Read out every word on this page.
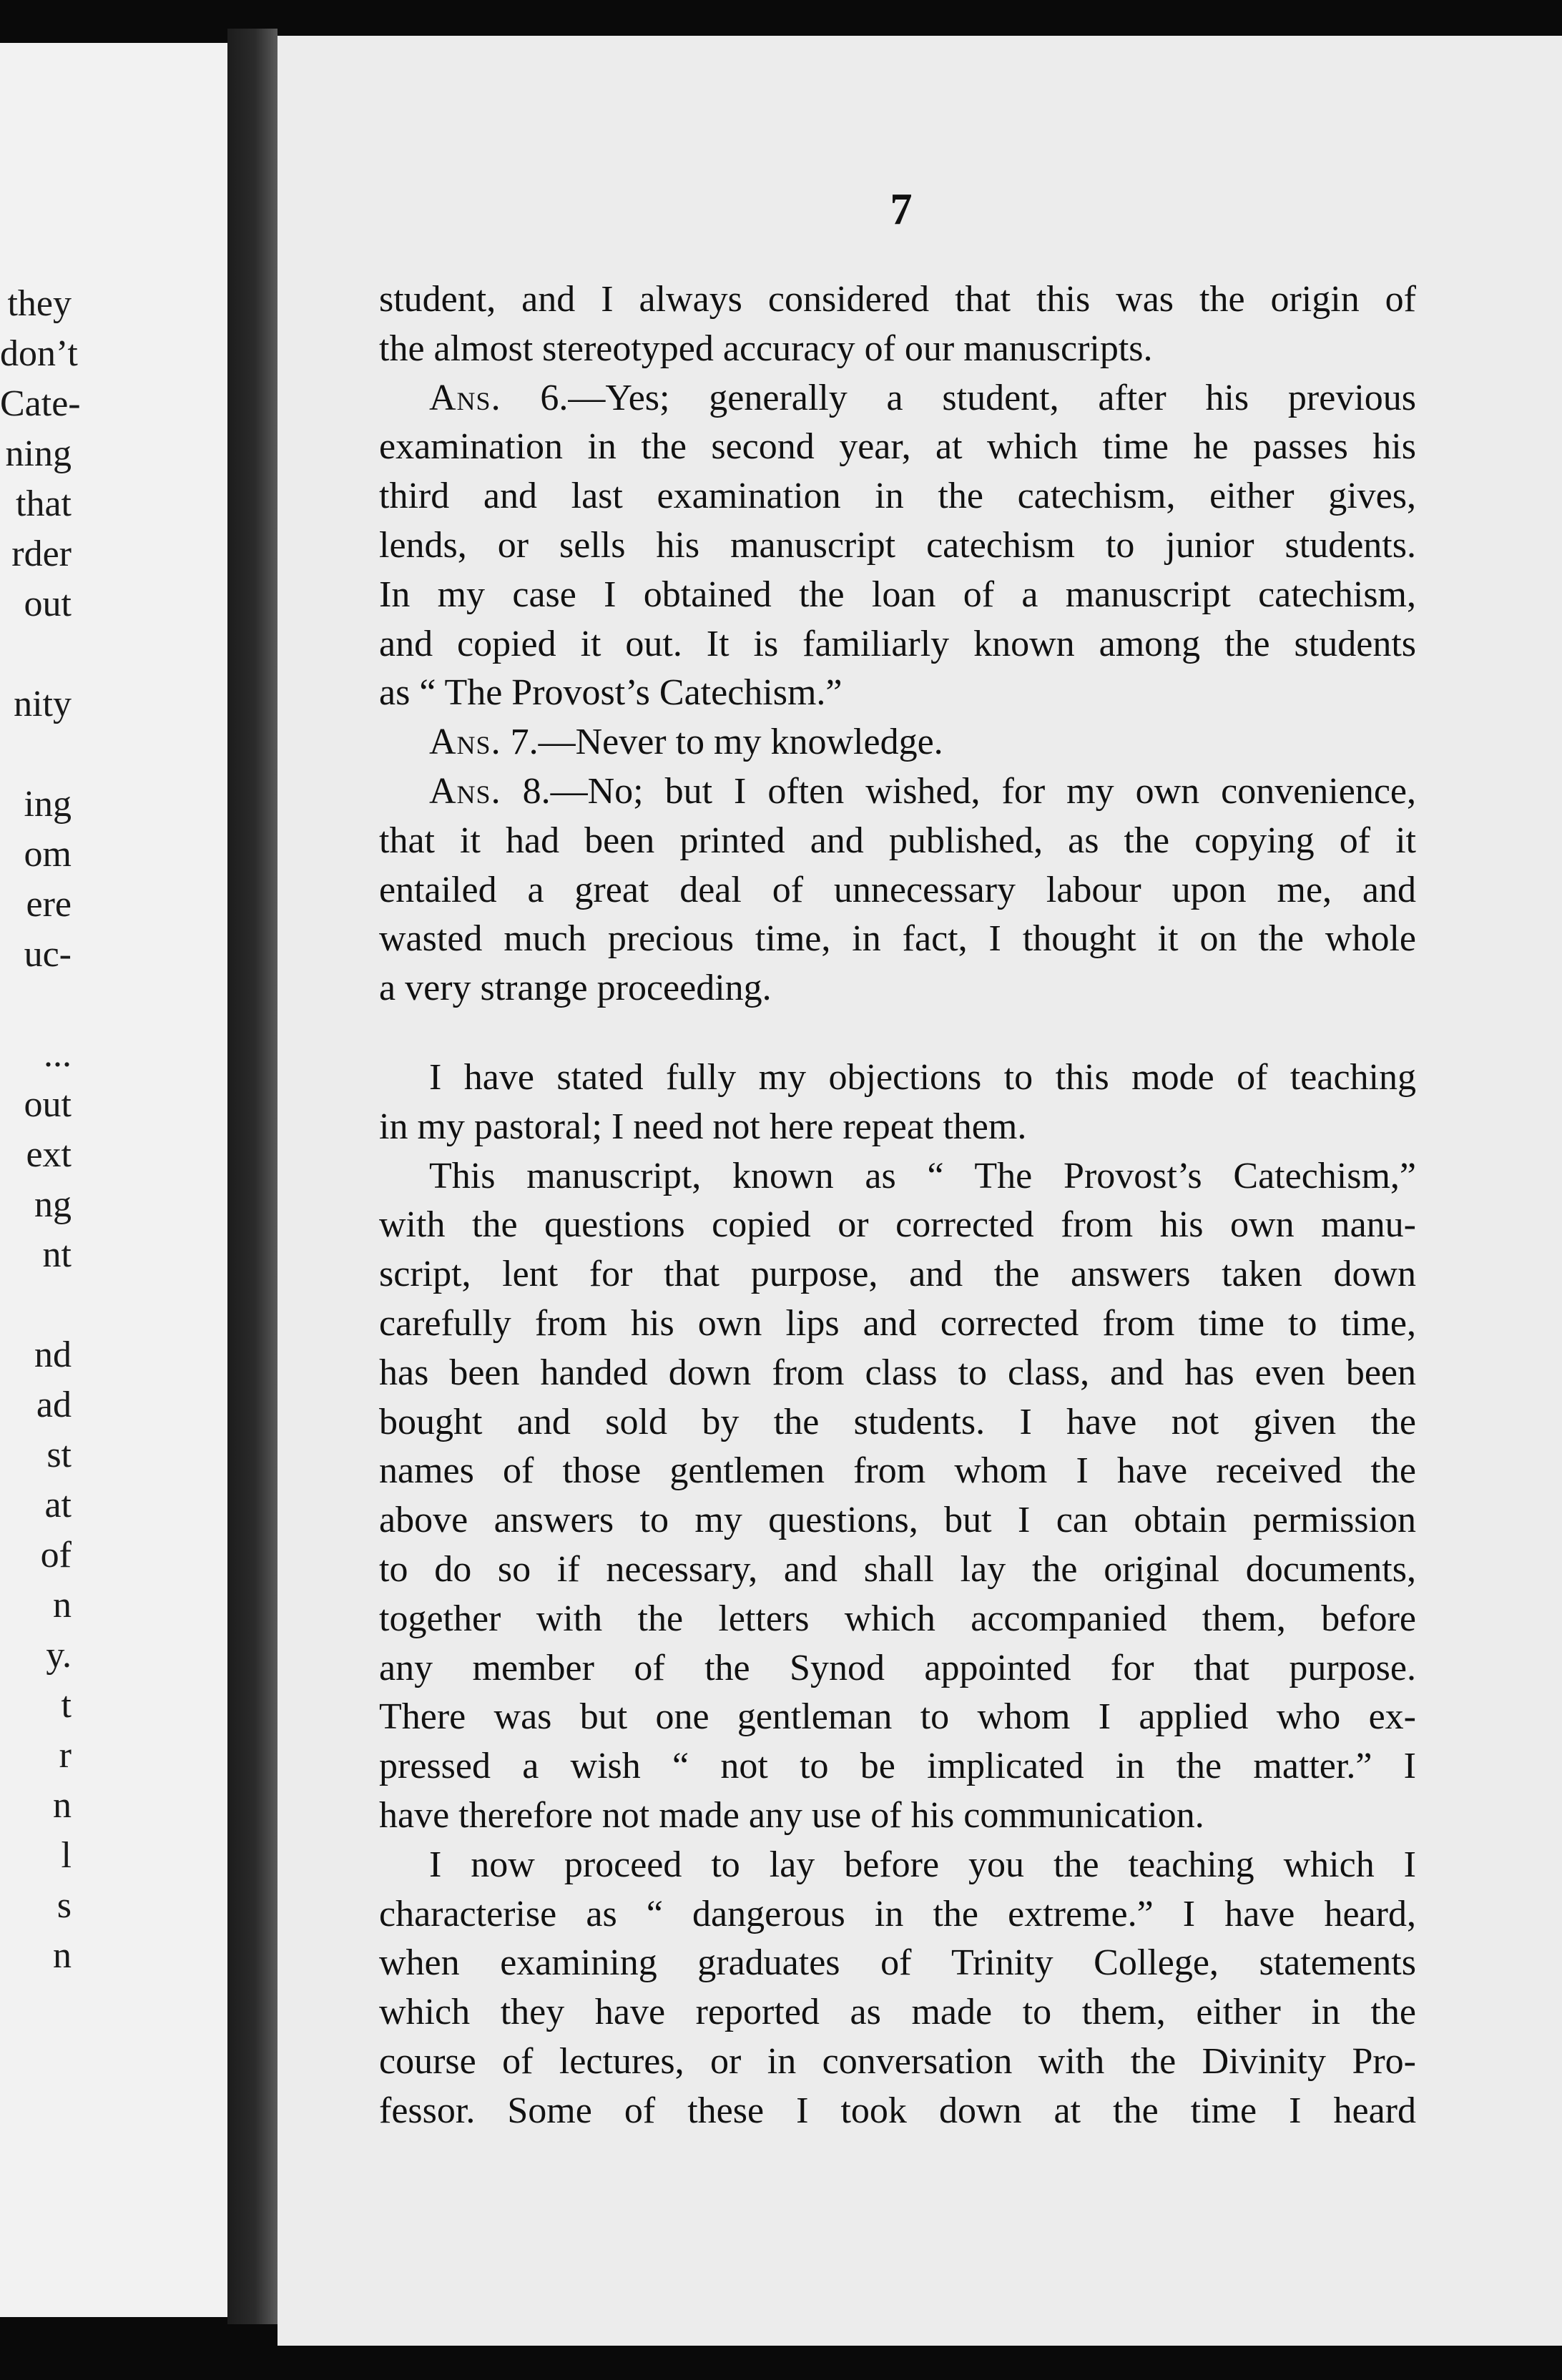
they
don’t
Cate-
ning
that
rder
out
nity
ing
om
ere
uc-
...
out
ext
ng
nt
nd
ad
st
at
of
n
y.
t
r
n
l
s
n
7
student, and I always considered that this was the origin of
the almost stereotyped accuracy of our manuscripts.
Ans. 6.—Yes; generally a student, after his previous
examination in the second year, at which time he passes his
third and last examination in the catechism, either gives,
lends, or sells his manuscript catechism to junior students.
In my case I obtained the loan of a manuscript catechism,
and copied it out. It is familiarly known among the students
as “ The Provost’s Catechism.”
Ans. 7.—Never to my knowledge.
Ans. 8.—No; but I often wished, for my own convenience,
that it had been printed and published, as the copying of it
entailed a great deal of unnecessary labour upon me, and
wasted much precious time, in fact, I thought it on the whole
a very strange proceeding.
I have stated fully my objections to this mode of teaching
in my pastoral; I need not here repeat them.
This manuscript, known as “ The Provost’s Catechism,”
with the questions copied or corrected from his own manu-
script, lent for that purpose, and the answers taken down
carefully from his own lips and corrected from time to time,
has been handed down from class to class, and has even been
bought and sold by the students. I have not given the
names of those gentlemen from whom I have received the
above answers to my questions, but I can obtain permission
to do so if necessary, and shall lay the original documents,
together with the letters which accompanied them, before
any member of the Synod appointed for that purpose.
There was but one gentleman to whom I applied who ex-
pressed a wish “ not to be implicated in the matter.” I
have therefore not made any use of his communication.
I now proceed to lay before you the teaching which I
characterise as “ dangerous in the extreme.” I have heard,
when examining graduates of Trinity College, statements
which they have reported as made to them, either in the
course of lectures, or in conversation with the Divinity Pro-
fessor. Some of these I took down at the time I heard
